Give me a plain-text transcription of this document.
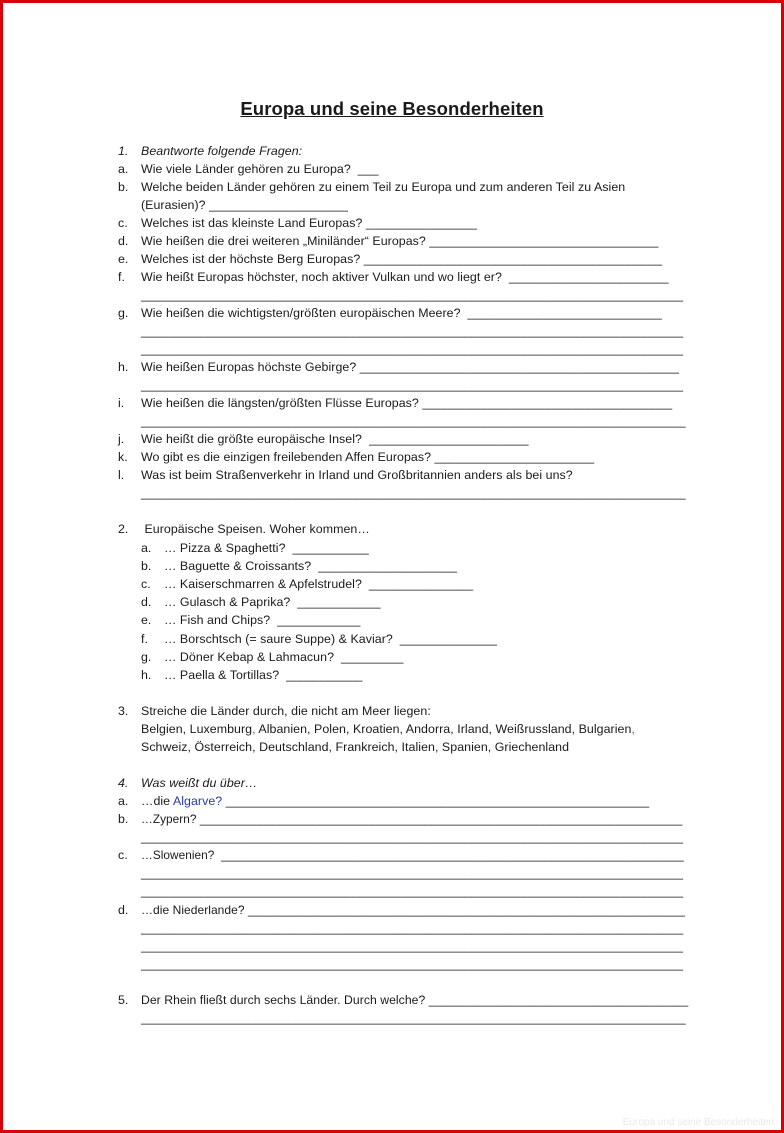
Europa und seine Besonderheiten
1. Beantworte folgende Fragen:
a. Wie viele Länder gehören zu Europa?  ___
b. Welche beiden Länder gehören zu einem Teil zu Europa und zum anderen Teil zu Asien
(Eurasien)? ____________________
c. Welches ist das kleinste Land Europas? ________________
d. Wie heißen die drei weiteren „Miniländer“ Europas? _________________________________
e. Welches ist der höchste Berg Europas? ___________________________________________
f. Wie heißt Europas höchster, noch aktiver Vulkan und wo liegt er?  _______________________
__________________________________________________________________________________
g. Wie heißen die wichtigsten/größten europäischen Meere?  ____________________________
__________________________________________________________________________________
__________________________________________________________________________________
h. Wie heißen Europas höchste Gebirge? ______________________________________________
__________________________________________________________________________________
i. Wie heißen die längsten/größten Flüsse Europas? ____________________________________
_________________________________________________________________________________
j. Wie heißt die größte europäische Insel?  _______________________
k. Wo gibt es die einzigen freilebenden Affen Europas? _______________________
l. Was ist beim Straßenverkehr in Irland und Großbritannien anders als bei uns?
_________________________________________________________________________________
2. Europäische Speisen. Woher kommen…
a. … Pizza & Spaghetti?  ___________
b. … Baguette & Croissants?  ____________________
c. … Kaiserschmarren & Apfelstrudel?  _______________
d. … Gulasch & Paprika?  ____________
e. … Fish and Chips?  ____________
f. … Borschtsch (= saure Suppe) & Kaviar?  ______________
g. … Döner Kebap & Lahmacun?  _________
h. … Paella & Tortillas?  ___________
3. Streiche die Länder durch, die nicht am Meer liegen:
Belgien, Luxemburg, Albanien, Polen, Kroatien, Andorra, Irland, Weißrussland, Bulgarien,
Schweiz, Österreich, Deutschland, Frankreich, Italien, Spanien, Griechenland
4. Was weißt du über…
a. …die Algarve? _____________________________________________________________
b. …Zypern? _________________________________________________________________________
__________________________________________________________________________________
c. …Slowenien?  ______________________________________________________________________
__________________________________________________________________________________
__________________________________________________________________________________
d. …die Niederlande? _________________________________________________________________
__________________________________________________________________________________
__________________________________________________________________________________
__________________________________________________________________________________
5. Der Rhein fließt durch sechs Länder. Durch welche? ______________________________________
_________________________________________________________________________________
Europa und seine Besonderheiten
